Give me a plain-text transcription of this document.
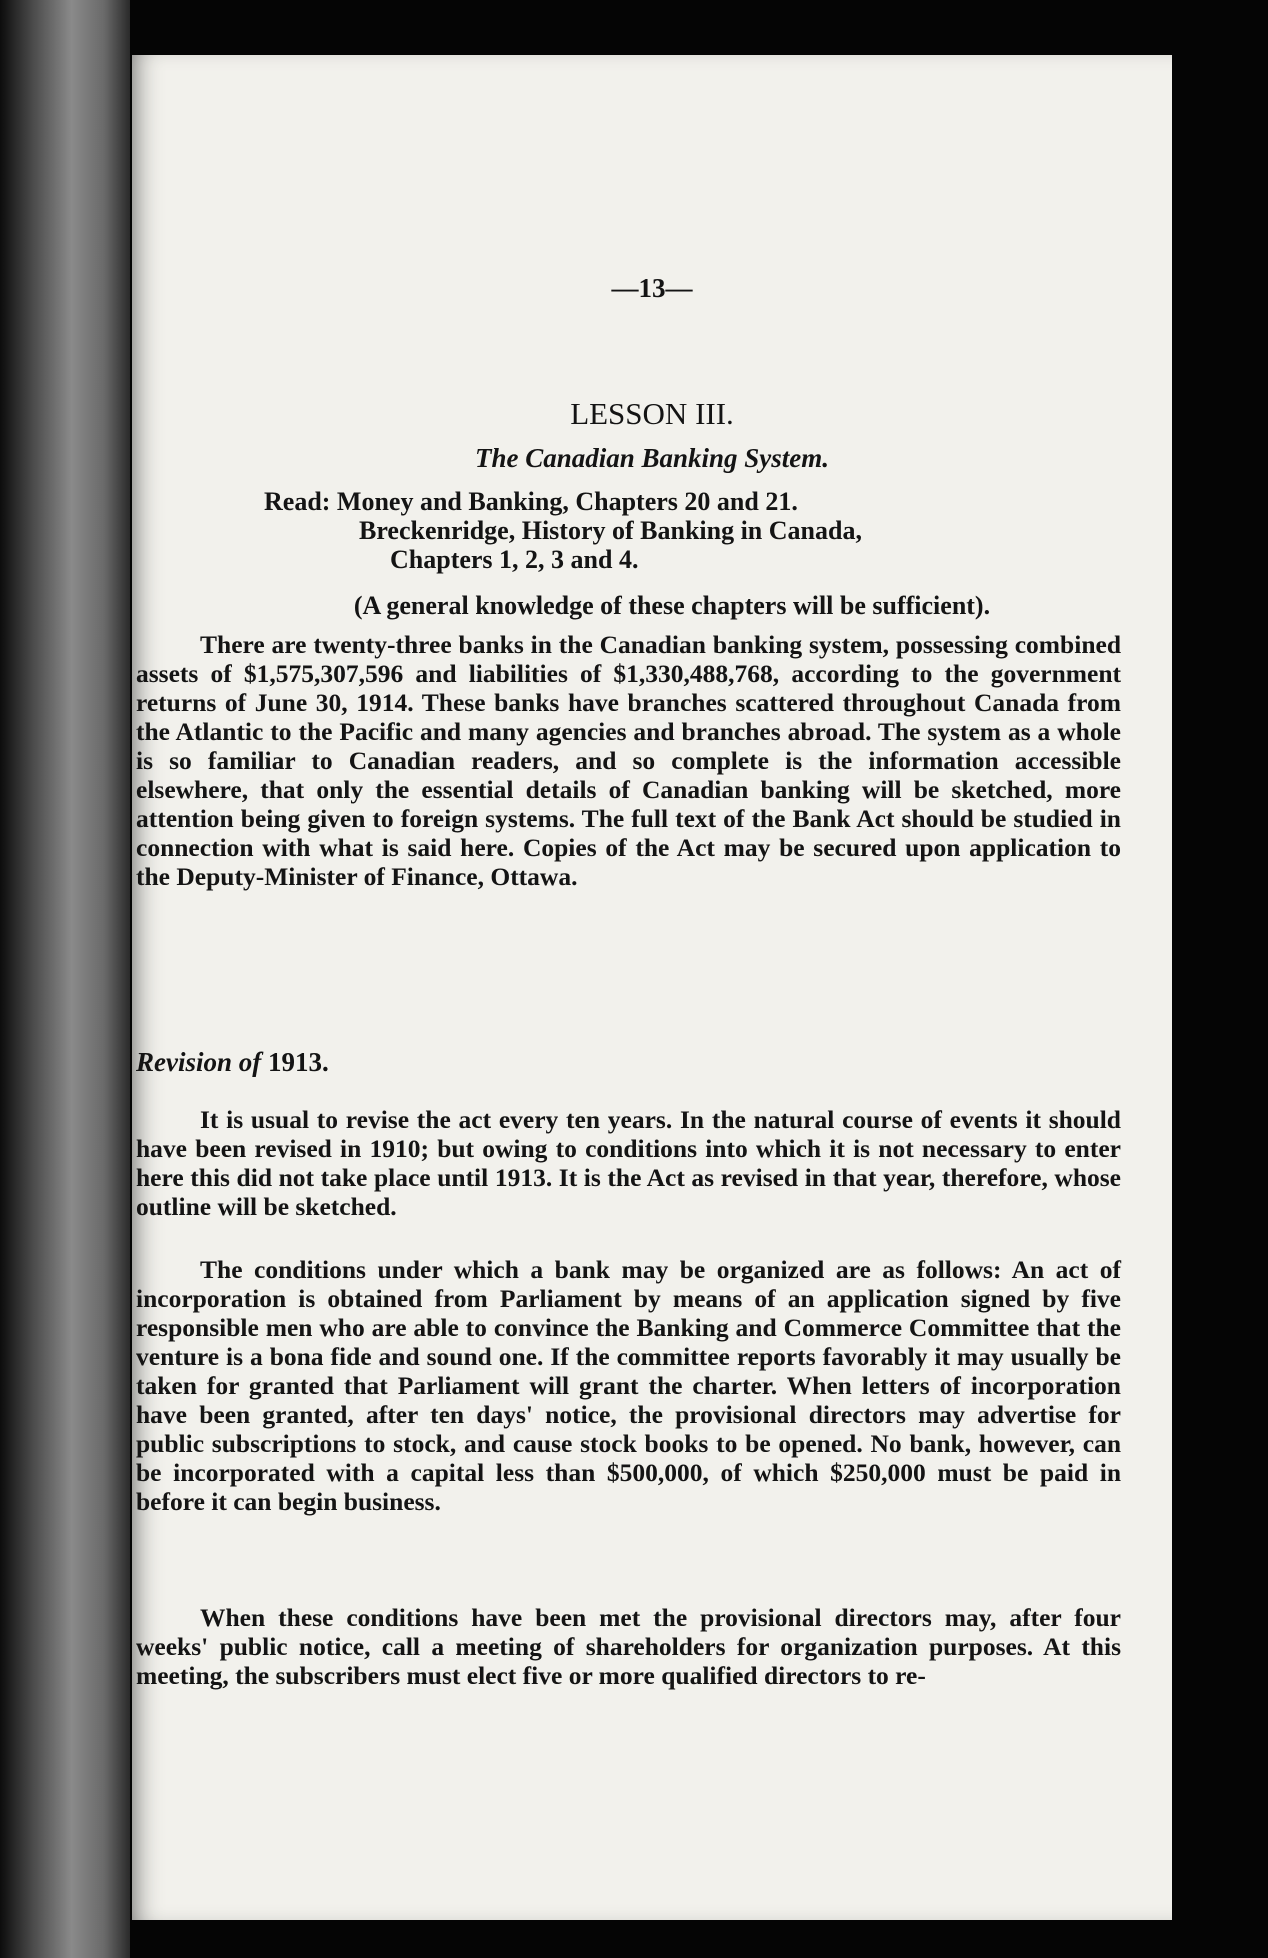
—13—
LESSON III.
The Canadian Banking System.
Read: Money and Banking, Chapters 20 and 21.
Breckenridge, History of Banking in Canada,
Chapters 1, 2, 3 and 4.
(A general knowledge of these chapters will be sufficient).

There are twenty-three banks in the Canadian banking system, possessing combined assets of $1,575,307,596 and liabilities of $1,330,488,768, according to the government returns of June 30, 1914. These banks have branches scattered throughout Canada from the Atlantic to the Pacific and many agencies and branches abroad. The system as a whole is so familiar to Canadian readers, and so complete is the information accessible elsewhere, that only the essential details of Canadian banking will be sketched, more attention being given to foreign systems. The full text of the Bank Act should be studied in connection with what is said here. Copies of the Act may be secured upon application to the Deputy-Minister of Finance, Ottawa.

Revision of 1913.

It is usual to revise the act every ten years. In the natural course of events it should have been revised in 1910; but owing to conditions into which it is not necessary to enter here this did not take place until 1913. It is the Act as revised in that year, therefore, whose outline will be sketched.

The conditions under which a bank may be organized are as follows: An act of incorporation is obtained from Parliament by means of an application signed by five responsible men who are able to convince the Banking and Commerce Committee that the venture is a bona fide and sound one. If the committee reports favorably it may usually be taken for granted that Parliament will grant the charter. When letters of incorporation have been granted, after ten days' notice, the provisional directors may advertise for public subscriptions to stock, and cause stock books to be opened. No bank, however, can be incorporated with a capital less than $500,000, of which $250,000 must be paid in before it can begin business.

When these conditions have been met the provisional directors may, after four weeks' public notice, call a meeting of shareholders for organization purposes. At this meeting, the subscribers must elect five or more qualified directors to re-
